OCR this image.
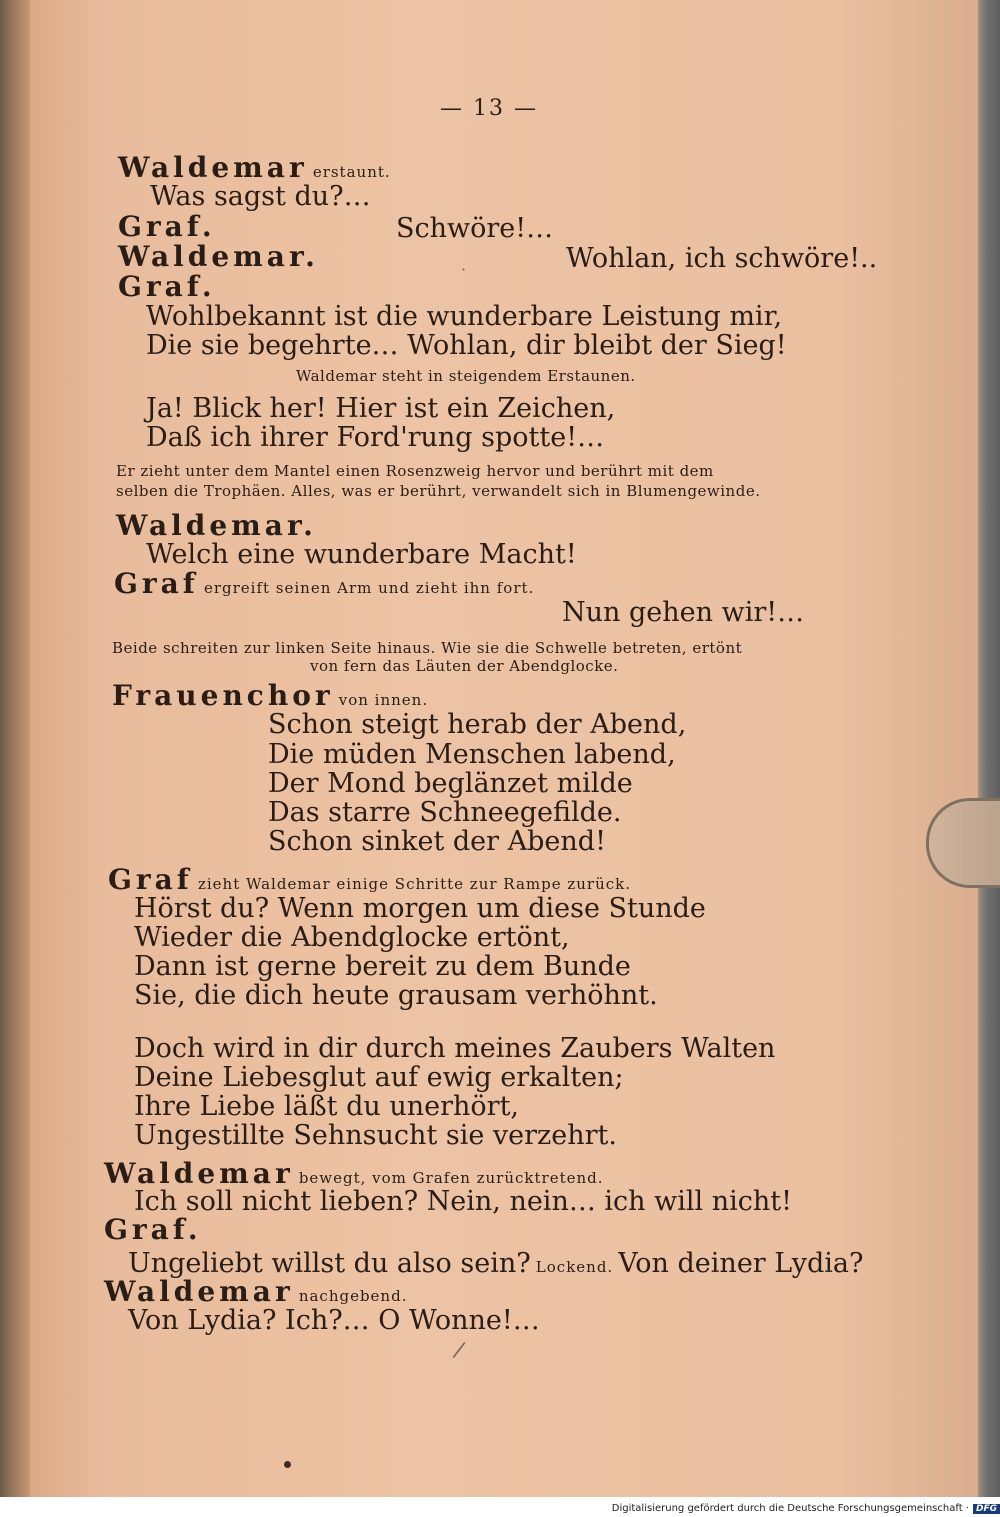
— 13 —
·
/
Waldemar erstaunt.
Was sagst du?…
Graf.	Schwöre!…
Waldemar.	Wohlan, ich schwöre!..
Graf.
Wohlbekannt ist die wunderbare Leistung mir,
Die sie begehrte… Wohlan, dir bleibt der Sieg!
Waldemar steht in steigendem Erstaunen.
Ja! Blick her! Hier ist ein Zeichen,
Daß ich ihrer Ford'rung spotte!…
Er zieht unter dem Mantel einen Rosenzweig hervor und berührt mit dem
selben die Trophäen. Alles, was er berührt, verwandelt sich in Blumengewinde.
Waldemar.
Welch eine wunderbare Macht!
Graf ergreift seinen Arm und zieht ihn fort.
Nun gehen wir!…
Beide schreiten zur linken Seite hinaus. Wie sie die Schwelle betreten, ertönt
von fern das Läuten der Abendglocke.
Frauenchor von innen.
Schon steigt herab der Abend,
Die müden Menschen labend,
Der Mond beglänzet milde
Das starre Schneegefilde.
Schon sinket der Abend!
Graf zieht Waldemar einige Schritte zur Rampe zurück.
Hörst du? Wenn morgen um diese Stunde
Wieder die Abendglocke ertönt,
Dann ist gerne bereit zu dem Bunde
Sie, die dich heute grausam verhöhnt.
Doch wird in dir durch meines Zaubers Walten
Deine Liebesglut auf ewig erkalten;
Ihre Liebe läßt du unerhört,
Ungestillte Sehnsucht sie verzehrt.
Waldemar bewegt, vom Grafen zurücktretend.
Ich soll nicht lieben? Nein, nein… ich will nicht!
Graf.
Ungeliebt willst du also sein? Lockend. Von deiner Lydia?
Waldemar nachgebend.
Von Lydia? Ich?… O Wonne!…
Digitalisierung gefördert durch die Deutsche Forschungsgemeinschaft · DFG
